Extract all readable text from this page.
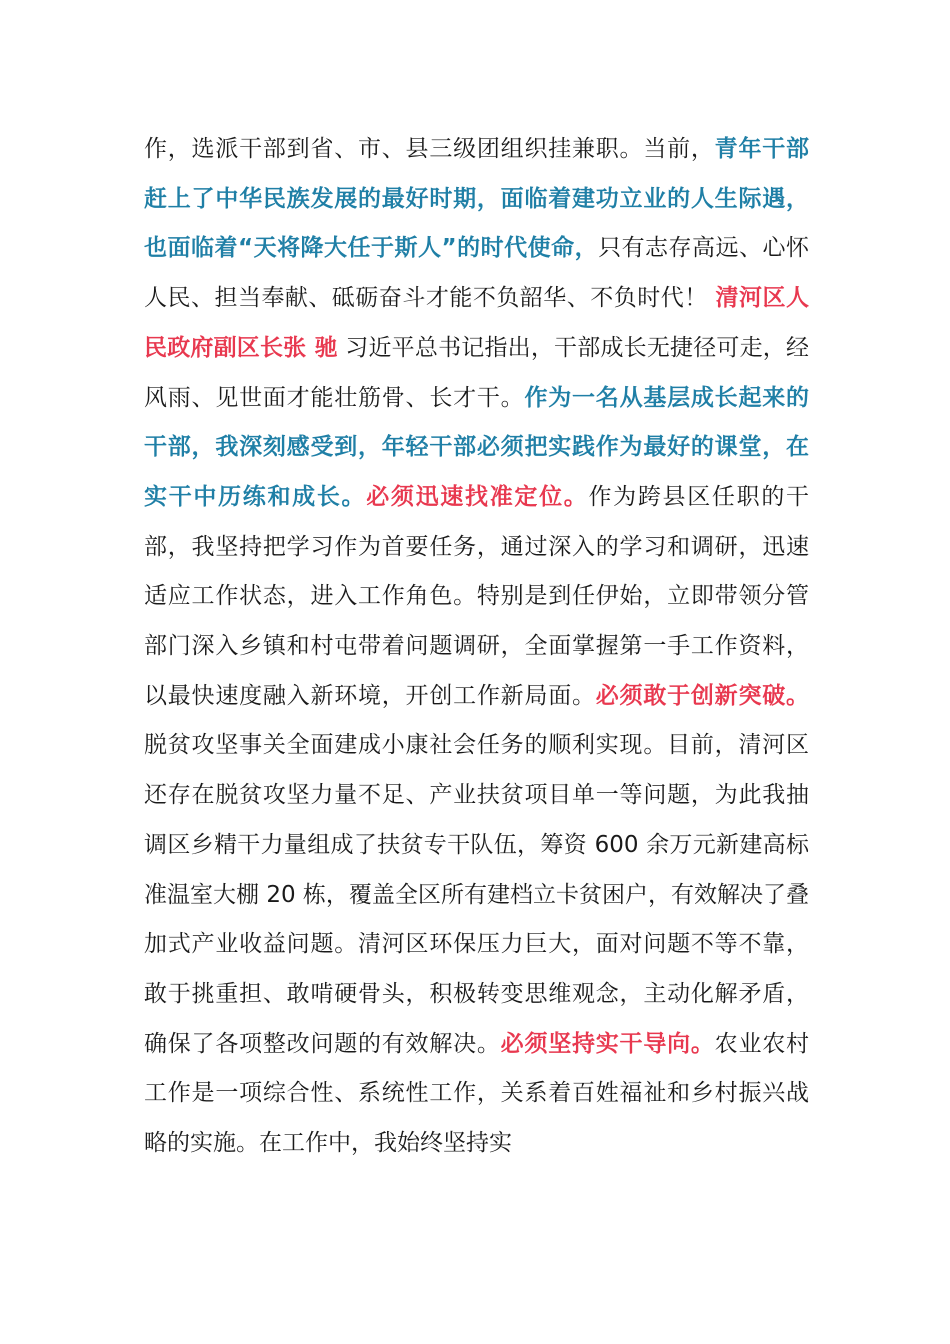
作，选派干部到省、市、县三级团组织挂兼职。当前，青年干部赶上了中华民族发展的最好时期，面临着建功立业的人生际遇，也面临着“天将降大任于斯人”的时代使命，只有志存高远、心怀人民、担当奉献、砥砺奋斗才能不负韶华、不负时代！ 清河区人民政府副区长张 驰 习近平总书记指出，干部成长无捷径可走，经风雨、见世面才能壮筋骨、长才干。作为一名从基层成长起来的干部，我深刻感受到，年轻干部必须把实践作为最好的课堂，在实干中历练和成长。必须迅速找准定位。作为跨县区任职的干部，我坚持把学习作为首要任务，通过深入的学习和调研，迅速适应工作状态，进入工作角色。特别是到任伊始，立即带领分管部门深入乡镇和村屯带着问题调研，全面掌握第一手工作资料，以最快速度融入新环境，开创工作新局面。必须敢于创新突破。脱贫攻坚事关全面建成小康社会任务的顺利实现。目前，清河区还存在脱贫攻坚力量不足、产业扶贫项目单一等问题，为此我抽调区乡精干力量组成了扶贫专干队伍，筹资 600 余万元新建高标准温室大棚 20 栋，覆盖全区所有建档立卡贫困户，有效解决了叠加式产业收益问题。清河区环保压力巨大，面对问题不等不靠，敢于挑重担、敢啃硬骨头，积极转变思维观念，主动化解矛盾，确保了各项整改问题的有效解决。必须坚持实干导向。农业农村工作是一项综合性、系统性工作，关系着百姓福祉和乡村振兴战略的实施。在工作中，我始终坚持实
